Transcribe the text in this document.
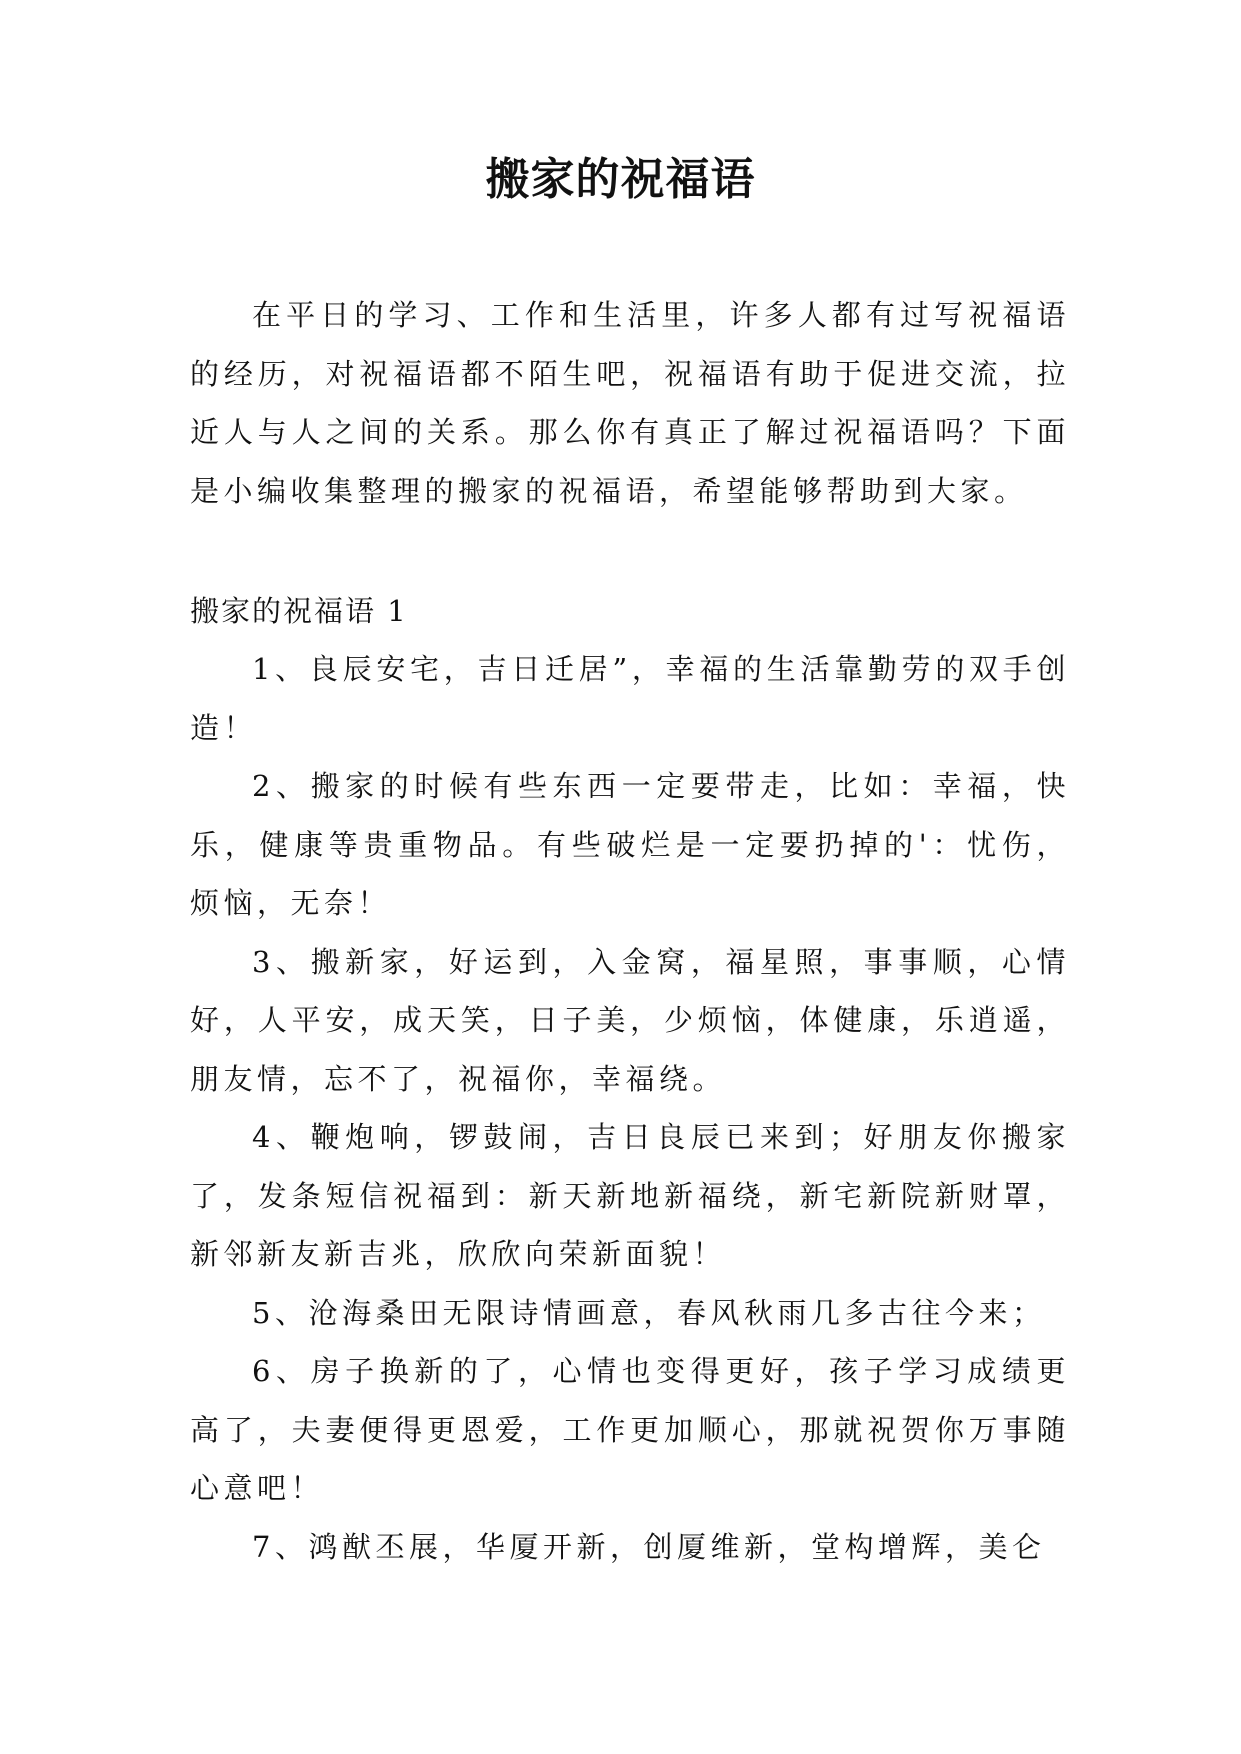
搬家的祝福语
在平日的学习、工作和生活里，许多人都有过写祝福语的经历，对祝福语都不陌生吧，祝福语有助于促进交流，拉近人与人之间的关系。那么你有真正了解过祝福语吗？下面是小编收集整理的搬家的祝福语，希望能够帮助到大家。
搬家的祝福语 1

1、良辰安宅，吉日迁居”，幸福的生活靠勤劳的双手创造！

2、搬家的时候有些东西一定要带走，比如：幸福，快乐，健康等贵重物品。有些破烂是一定要扔掉的'：忧伤，烦恼，无奈！

3、搬新家，好运到，入金窝，福星照，事事顺，心情好，人平安，成天笑，日子美，少烦恼，体健康，乐逍遥，朋友情，忘不了，祝福你，幸福绕。

4、鞭炮响，锣鼓闹，吉日良辰已来到；好朋友你搬家了，发条短信祝福到：新天新地新福绕，新宅新院新财罩，新邻新友新吉兆，欣欣向荣新面貌！

5、沧海桑田无限诗情画意，春风秋雨几多古往今来；

6、房子换新的了，心情也变得更好，孩子学习成绩更高了，夫妻便得更恩爱，工作更加顺心，那就祝贺你万事随心意吧！

7、鸿猷丕展，华厦开新，创厦维新，堂构增辉，美仑
